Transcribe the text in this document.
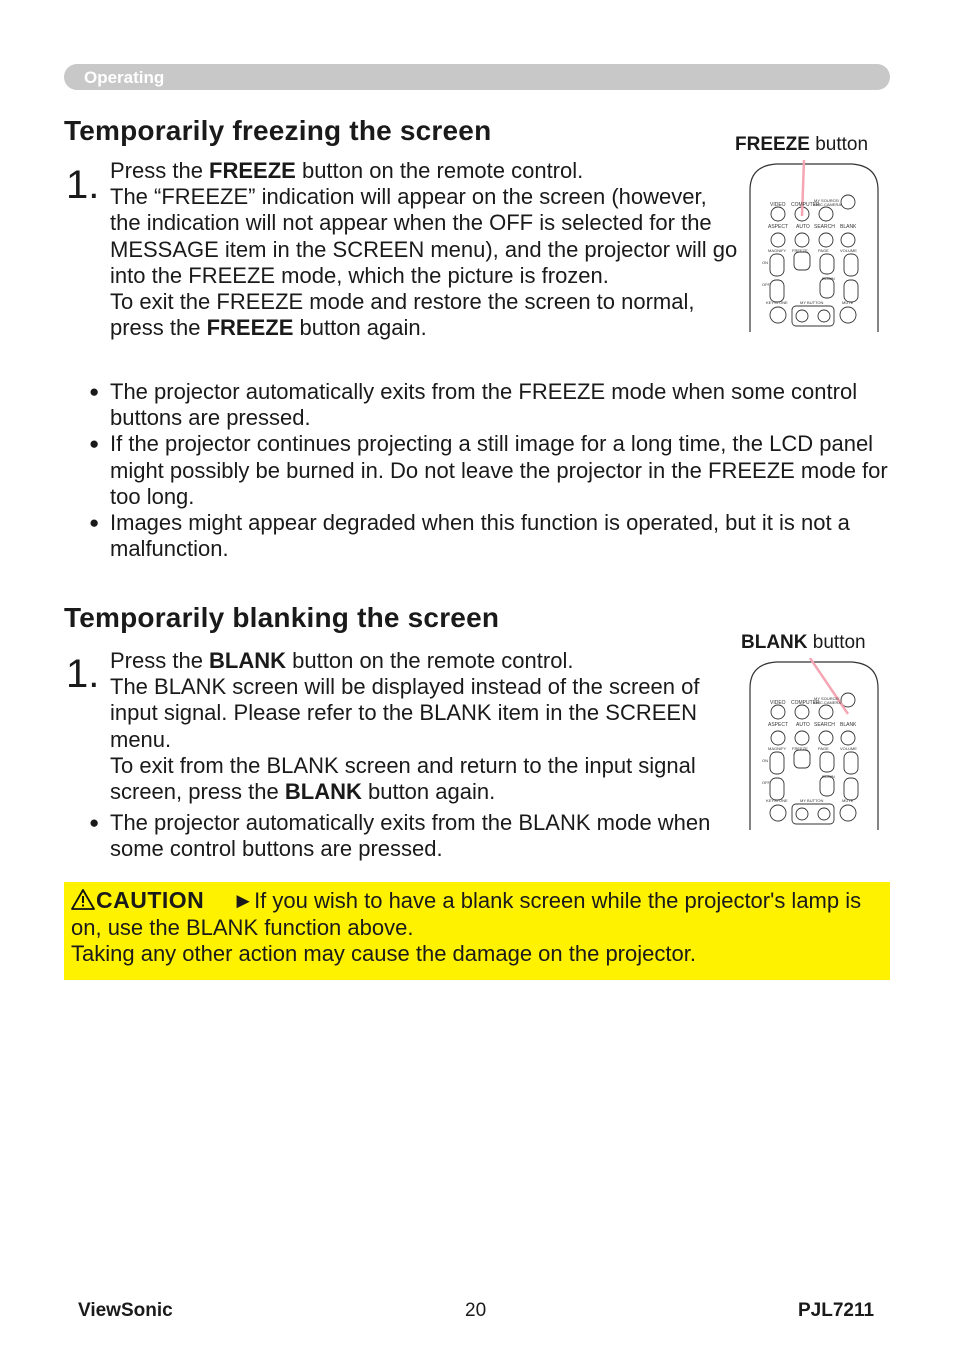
Operating
Temporarily freezing the screen	FREEZE button
1. Press the FREEZE button on the remote control.

The “FREEZE” indication will appear on the screen (however, the indication will not appear when the OFF is selected for the MESSAGE item in the SCREEN menu), and the projector will go into the FREEZE mode, which the picture is frozen.

To exit the FREEZE mode and restore the screen to normal, press the FREEZE button again.

VIDEO COMPUTER
MY SOURCE/
DOC.CAMERA
ASPECT AUTO SEARCH BLANK
MAGNIFY FREEZE	PAGE	VOLUME
ON
OFF
DOWN
KEYSTONE	MY BUTTON	MUTE
● The projector automatically exits from the FREEZE mode when some control buttons are pressed.
● If the projector continues projecting a still image for a long time, the LCD panel might possibly be burned in. Do not leave the projector in the FREEZE mode for too long.
● Images might appear degraded when this function is operated, but it is not a malfunction.
Temporarily blanking the screen
BLANK button
1. Press the BLANK button on the remote control.

The BLANK screen will be displayed instead of the screen of input signal. Please refer to the BLANK item in the SCREEN menu.

To exit from the BLANK screen and return to the input signal screen, press the BLANK button again.

VIDEO COMPUTER
MY SOURCE/
DOC.CAMERA
ASPECT AUTO SEARCH BLANK
MAGNIFY FREEZE	PAGE	VOLUME
ON
OFF
DOWN
KEYSTONE	MY BUTTON	MUTE
● The projector automatically exits from the BLANK mode when some control buttons are pressed.

CAUTION ►If you wish to have a blank screen while the projector's lamp is on, use the BLANK function above.

Taking any other action may cause the damage on the projector.

ViewSonic	20	PJL7211
